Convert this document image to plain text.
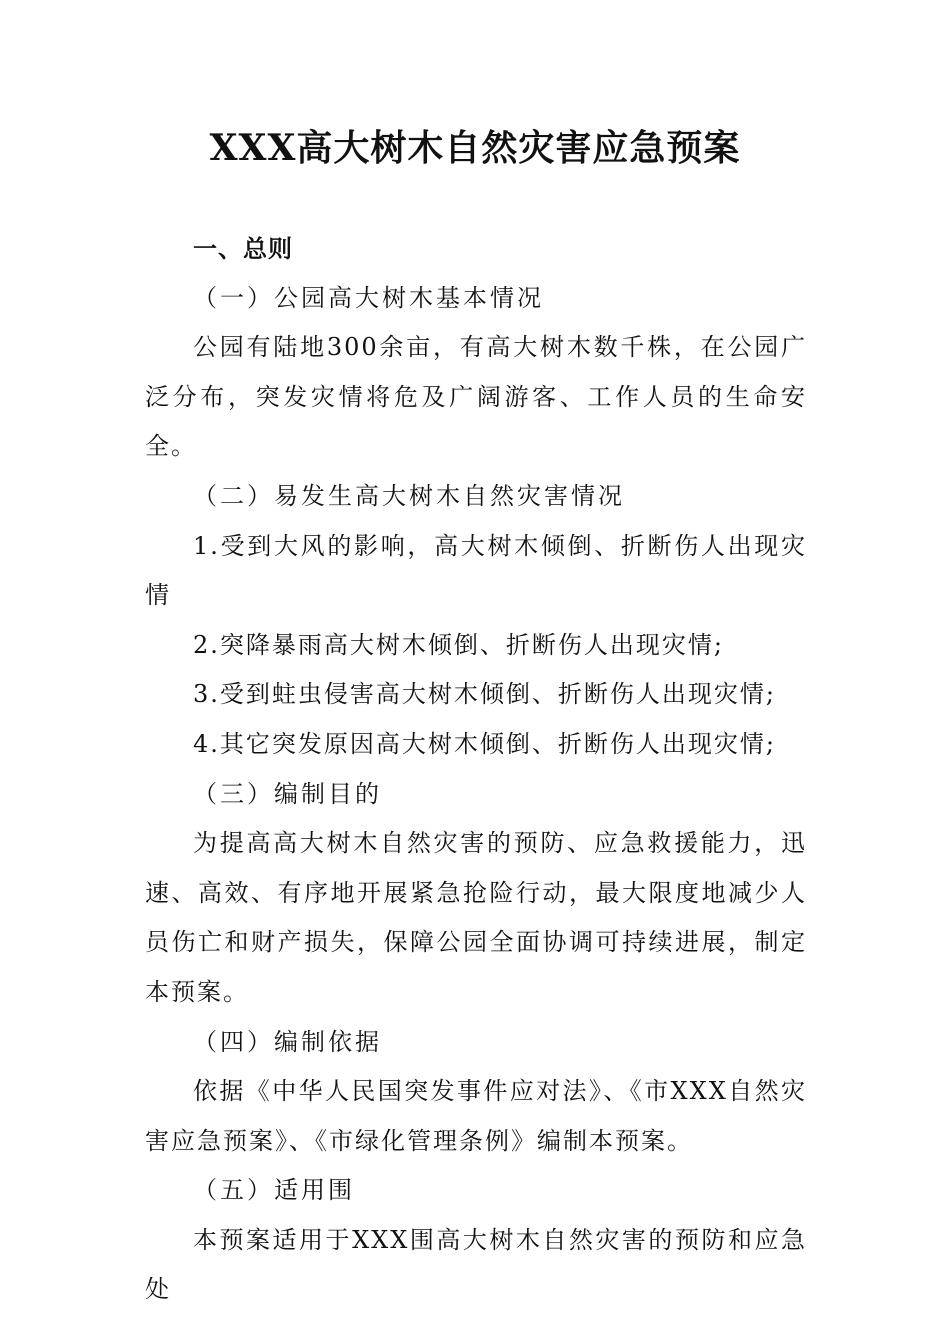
XXX高大树木自然灾害应急预案

一、总则

（一）公园高大树木基本情况

公园有陆地300余亩，有高大树木数千株，在公园广泛分布，突发灾情将危及广阔游客、工作人员的生命安全。

（二）易发生高大树木自然灾害情况

1.受到大风的影响，高大树木倾倒、折断伤人出现灾情

2.突降暴雨高大树木倾倒、折断伤人出现灾情;

3.受到蛀虫侵害高大树木倾倒、折断伤人出现灾情;

4.其它突发原因高大树木倾倒、折断伤人出现灾情;

（三）编制目的

为提高高大树木自然灾害的预防、应急救援能力，迅速、高效、有序地开展紧急抢险行动，最大限度地减少人员伤亡和财产损失，保障公园全面协调可持续进展，制定本预案。

（四）编制依据

依据《中华人民国突发事件应对法》、《市XXX自然灾害应急预案》、《市绿化管理条例》编制本预案。

（五）适用围

本预案适用于XXX围高大树木自然灾害的预防和应急处
